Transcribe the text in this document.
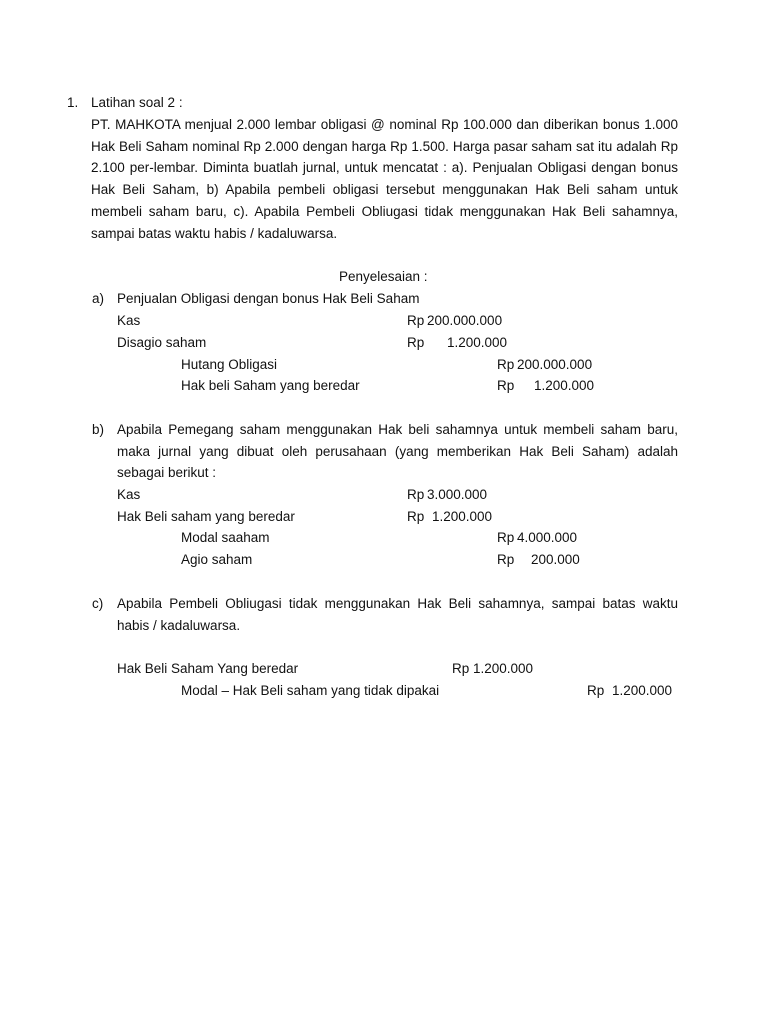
1. Latihan soal 2 :
PT. MAHKOTA menjual 2.000 lembar obligasi @ nominal Rp 100.000 dan diberikan bonus 1.000 Hak Beli Saham nominal Rp 2.000 dengan harga Rp 1.500. Harga pasar saham sat itu adalah Rp 2.100 per-lembar. Diminta buatlah jurnal, untuk mencatat : a). Penjualan Obligasi dengan bonus Hak Beli Saham, b) Apabila pembeli obligasi tersebut menggunakan Hak Beli saham untuk membeli saham baru, c). Apabila Pembeli Obliugasi tidak menggunakan Hak Beli sahamnya, sampai batas waktu habis / kadaluwarsa.
Penyelesaian :
a) Penjualan Obligasi dengan bonus Hak Beli Saham
Kas	Rp 200.000.000
Disagio saham	Rp 1.200.000
Hutang Obligasi	Rp 200.000.000
Hak beli Saham yang beredar	Rp 1.200.000
b) Apabila Pemegang saham menggunakan Hak beli sahamnya untuk membeli saham baru, maka jurnal yang dibuat oleh perusahaan (yang memberikan Hak Beli Saham) adalah sebagai berikut :
Kas	Rp 3.000.000
Hak Beli saham yang beredar	Rp 1.200.000
Modal saaham	Rp 4.000.000
Agio saham	Rp 200.000
c) Apabila Pembeli Obliugasi tidak menggunakan Hak Beli sahamnya, sampai batas waktu habis / kadaluwarsa.
Hak Beli Saham Yang beredar	Rp 1.200.000
Modal – Hak Beli saham yang tidak dipakai	Rp 1.200.000
